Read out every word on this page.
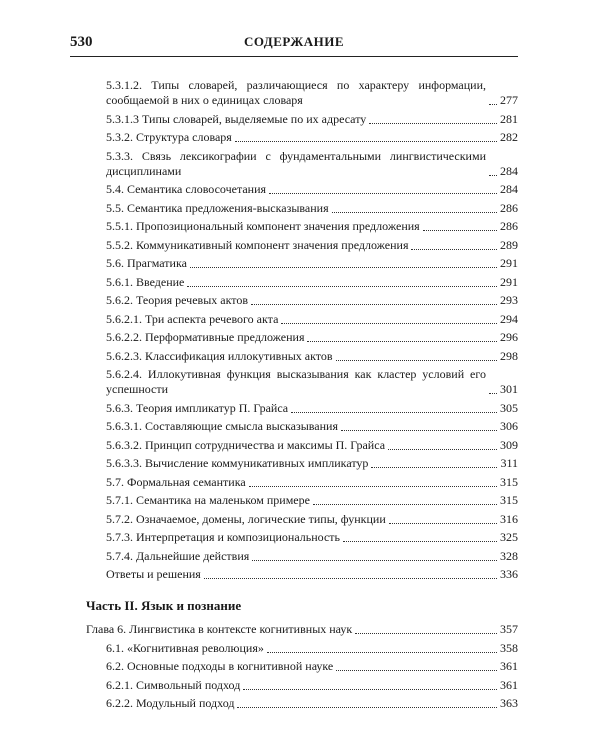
530	СОДЕРЖАНИЕ
5.3.1.2. Типы словарей, различающиеся по характеру информации, сообщаемой в них о единицах словаря	277
5.3.1.3 Типы словарей, выделяемые по их адресату	281
5.3.2. Структура словаря	282
5.3.3. Связь лексикографии с фундаментальными лингвистическими дисциплинами	284
5.4. Семантика словосочетания	284
5.5. Семантика предложения-высказывания	286
5.5.1. Пропозициональный компонент значения предложения	286
5.5.2. Коммуникативный компонент значения предложения	289
5.6. Прагматика	291
5.6.1. Введение	291
5.6.2. Теория речевых актов	293
5.6.2.1. Три аспекта речевого акта	294
5.6.2.2. Перформативные предложения	296
5.6.2.3. Классификация иллокутивных актов	298
5.6.2.4. Иллокутивная функция высказывания как кластер условий его успешности	301
5.6.3. Теория импликатур П. Грайса	305
5.6.3.1. Составляющие смысла высказывания	306
5.6.3.2. Принцип сотрудничества и максимы П. Грайса	309
5.6.3.3. Вычисление коммуникативных импликатур	311
5.7. Формальная семантика	315
5.7.1. Семантика на маленьком примере	315
5.7.2. Означаемое, домены, логические типы, функции	316
5.7.3. Интерпретация и композициональность	325
5.7.4. Дальнейшие действия	328
Ответы и решения	336
Часть II. Язык и познание
Глава 6. Лингвистика в контексте когнитивных наук	357
6.1. «Когнитивная революция»	358
6.2. Основные подходы в когнитивной науке	361
6.2.1. Символьный подход	361
6.2.2. Модульный подход	363
